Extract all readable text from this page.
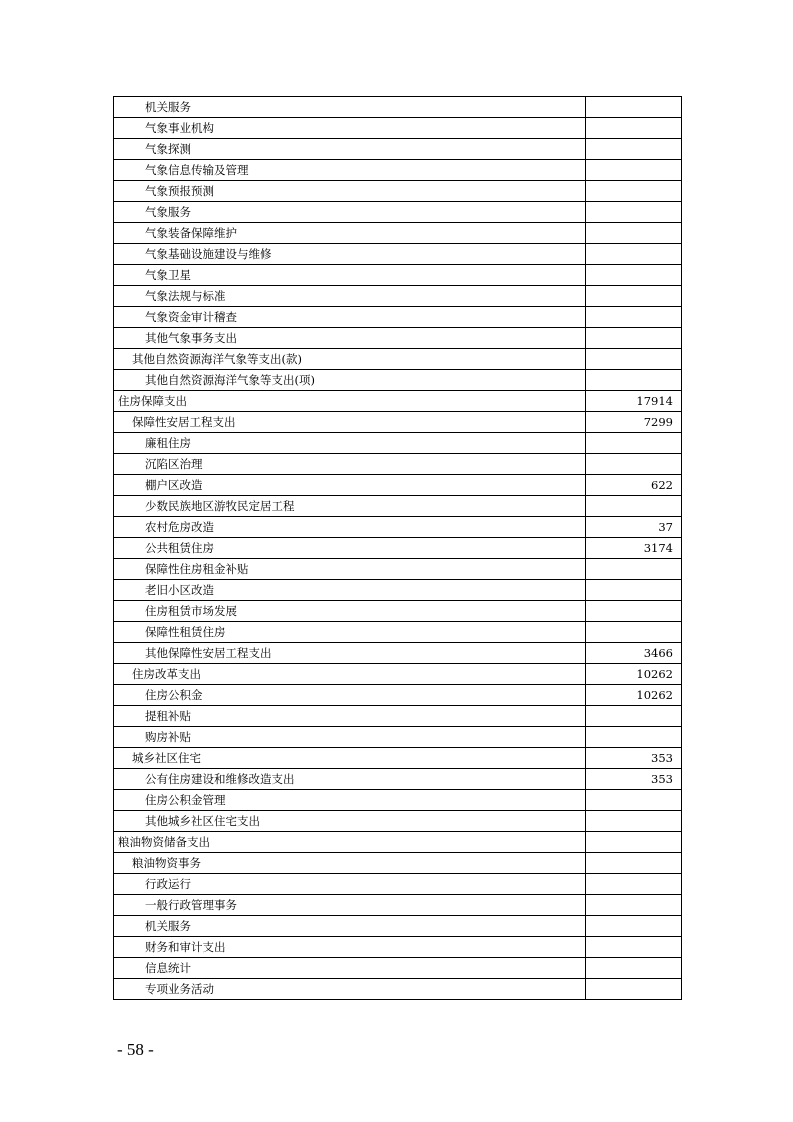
机关服务	
气象事业机构	
气象探测	
气象信息传输及管理	
气象预报预测	
气象服务	
气象装备保障维护	
气象基础设施建设与维修	
气象卫星	
气象法规与标准	
气象资金审计稽查	
其他气象事务支出	
其他自然资源海洋气象等支出(款)	
其他自然资源海洋气象等支出(项)	
住房保障支出	17914
保障性安居工程支出	7299
廉租住房	
沉陷区治理	
棚户区改造	622
少数民族地区游牧民定居工程	
农村危房改造	37
公共租赁住房	3174
保障性住房租金补贴	
老旧小区改造	
住房租赁市场发展	
保障性租赁住房	
其他保障性安居工程支出	3466
住房改革支出	10262
住房公积金	10262
提租补贴	
购房补贴	
城乡社区住宅	353
公有住房建设和维修改造支出	353
住房公积金管理	
其他城乡社区住宅支出	
粮油物资储备支出	
粮油物资事务	
行政运行	
一般行政管理事务	
机关服务	
财务和审计支出	
信息统计	
专项业务活动	
- 58 -
